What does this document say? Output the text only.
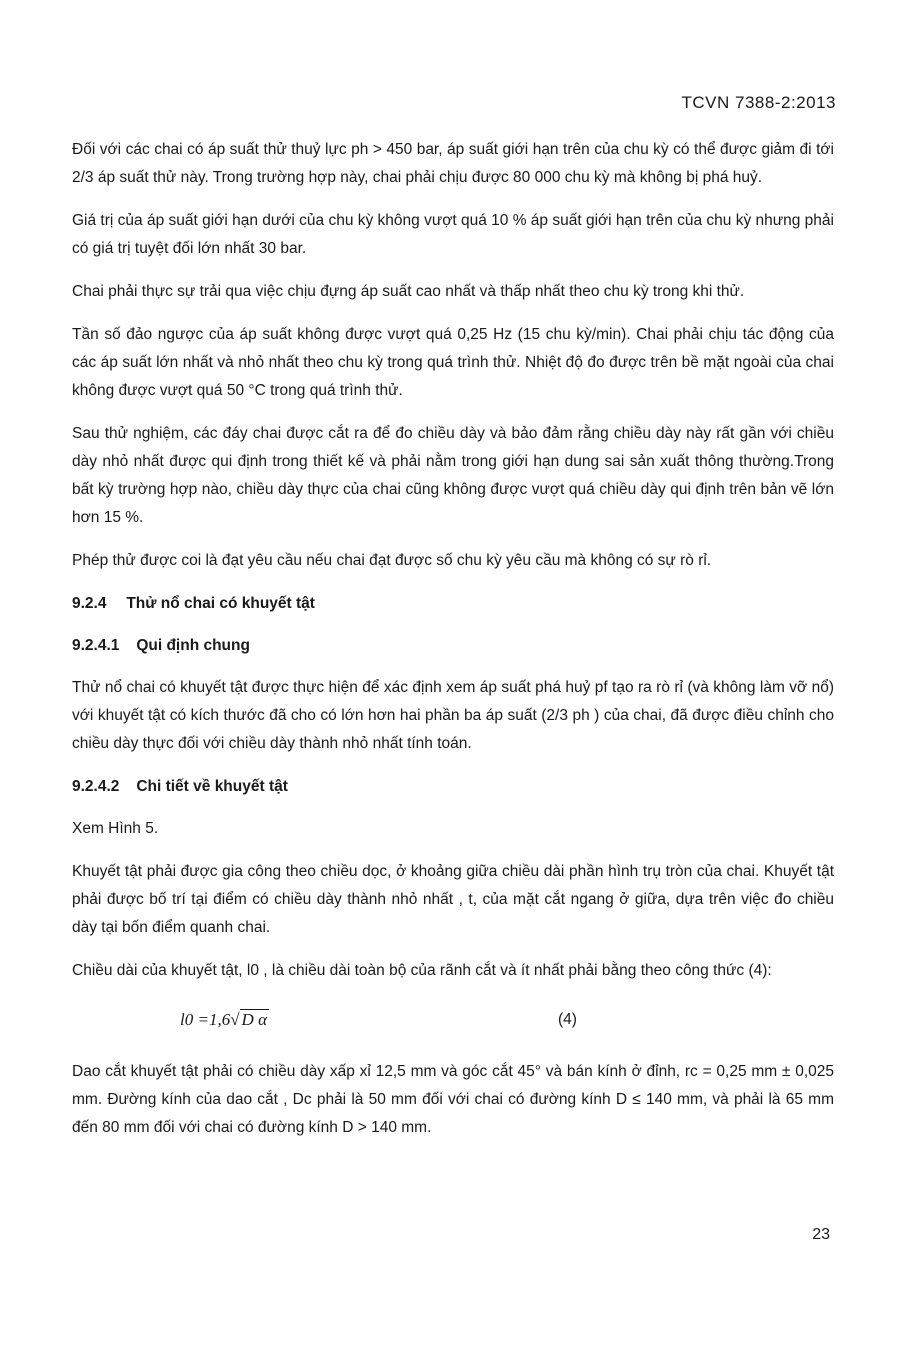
TCVN 7388-2:2013

Đối với các chai có áp suất thử thuỷ lực ph > 450 bar, áp suất giới hạn trên của chu kỳ có thể được giảm đi tới 2/3 áp suất thử này. Trong trường hợp này, chai phải chịu được 80 000 chu kỳ mà không bị phá huỷ.

Giá trị của áp suất giới hạn dưới của chu kỳ không vượt quá 10 % áp suất giới hạn trên của chu kỳ nhưng phải có giá trị tuyệt đối lớn nhất 30 bar.

Chai phải thực sự trải qua việc chịu đựng áp suất cao nhất và thấp nhất theo chu kỳ trong khi thử.

Tần số đảo ngược của áp suất không được vượt quá 0,25 Hz (15 chu kỳ/min). Chai phải chịu tác động của các áp suất lớn nhất và nhỏ nhất theo chu kỳ trong quá trình thử. Nhiệt độ đo được trên bề mặt ngoài của chai không được vượt quá 50 °C trong quá trình thử.

Sau thử nghiệm, các đáy chai được cắt ra để đo chiều dày và bảo đảm rằng chiều dày này rất gần với chiều dày nhỏ nhất được qui định trong thiết kế và phải nằm trong giới hạn dung sai sản xuất thông thường.Trong bất kỳ trường hợp nào, chiều dày thực của chai cũng không được vượt quá chiều dày qui định trên bản vẽ lớn hơn 15 %.

Phép thử được coi là đạt yêu cầu nếu chai đạt được số chu kỳ yêu cầu mà không có sự rò rỉ.

9.2.4 Thử nổ chai có khuyết tật

9.2.4.1 Qui định chung

Thử nổ chai có khuyết tật được thực hiện để xác định xem áp suất phá huỷ pf tạo ra rò rỉ (và không làm vỡ nổ) với khuyết tật có kích thước đã cho có lớn hơn hai phần ba áp suất (2/3 ph ) của chai, đã được điều chỉnh cho chiều dày thực đối với chiều dày thành nhỏ nhất tính toán.

9.2.4.2 Chi tiết về khuyết tật

Xem Hình 5.

Khuyết tật phải được gia công theo chiều dọc, ở khoảng giữa chiều dài phần hình trụ tròn của chai. Khuyết tật phải được bố trí tại điểm có chiều dày thành nhỏ nhất , t, của mặt cắt ngang ở giữa, dựa trên việc đo chiều dày tại bốn điểm quanh chai.

Chiều dài của khuyết tật, l0 , là chiều dài toàn bộ của rãnh cắt và ít nhất phải bằng theo công thức (4):

l0 =1,6√ D α	(4)

Dao cắt khuyết tật phải có chiều dày xấp xỉ 12,5 mm và góc cắt 45° và bán kính ở đỉnh, rc = 0,25 mm ± 0,025 mm. Đường kính của dao cắt , Dc phải là 50 mm đối với chai có đường kính D ≤ 140 mm, và phải là 65 mm đến 80 mm đối với chai có đường kính D > 140 mm.

23
